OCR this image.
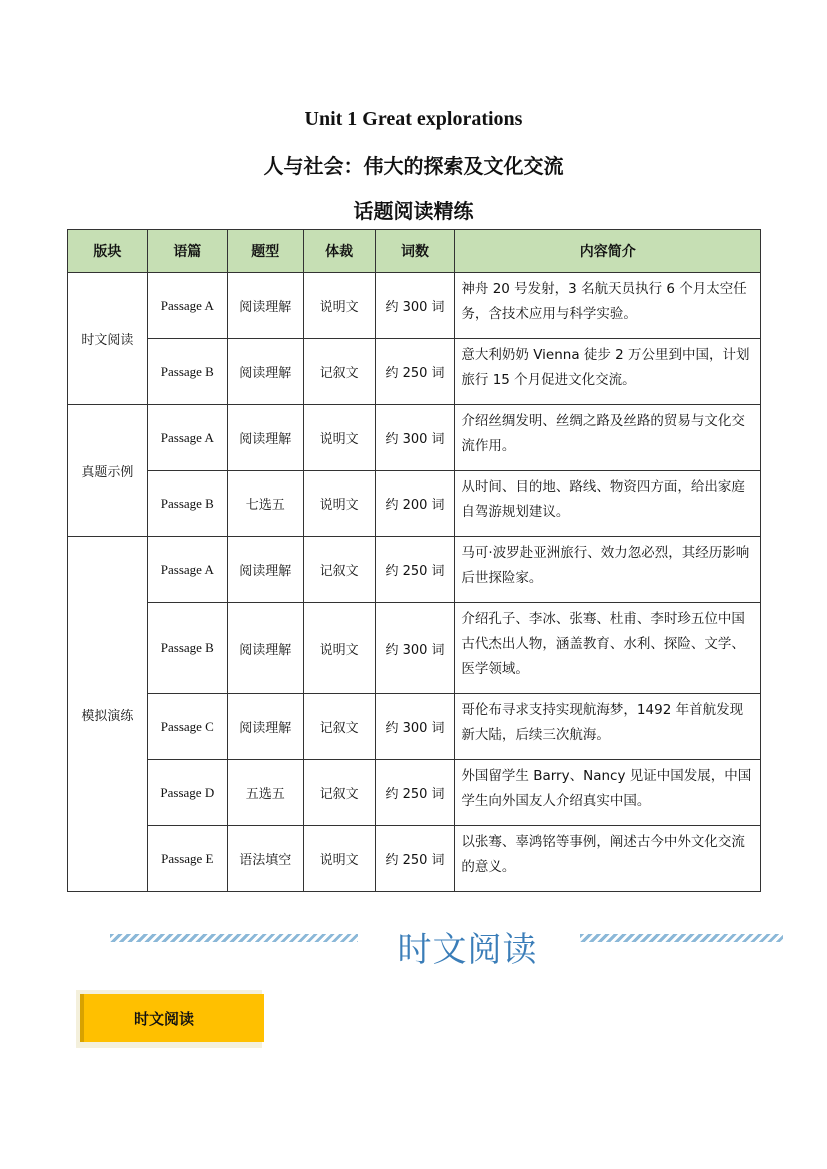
Unit 1 Great explorations
人与社会：伟大的探索及文化交流
话题阅读精练
版块	语篇	题型	体裁	词数	内容简介
时文阅读	Passage A	阅读理解	说明文	约 300 词	神舟 20 号发射，3 名航天员执行 6 个月太空任务，含技术应用与科学实验。
	Passage B	阅读理解	记叙文	约 250 词	意大利奶奶 Vienna 徒步 2 万公里到中国，计划旅行 15 个月促进文化交流。
真题示例	Passage A	阅读理解	说明文	约 300 词	介绍丝绸发明、丝绸之路及丝路的贸易与文化交流作用。
	Passage B	七选五	说明文	约 200 词	从时间、目的地、路线、物资四方面，给出家庭自驾游规划建议。
模拟演练	Passage A	阅读理解	记叙文	约 250 词	马可·波罗赴亚洲旅行、效力忽必烈，其经历影响后世探险家。
	Passage B	阅读理解	说明文	约 300 词	介绍孔子、李冰、张骞、杜甫、李时珍五位中国古代杰出人物，涵盖教育、水利、探险、文学、医学领域。
	Passage C	阅读理解	记叙文	约 300 词	哥伦布寻求支持实现航海梦，1492 年首航发现新大陆，后续三次航海。
	Passage D	五选五	记叙文	约 250 词	外国留学生 Barry、Nancy 见证中国发展，中国学生向外国友人介绍真实中国。
	Passage E	语法填空	说明文	约 250 词	以张骞、辜鸿铭等事例，阐述古今中外文化交流的意义。
时文阅读
时文阅读
